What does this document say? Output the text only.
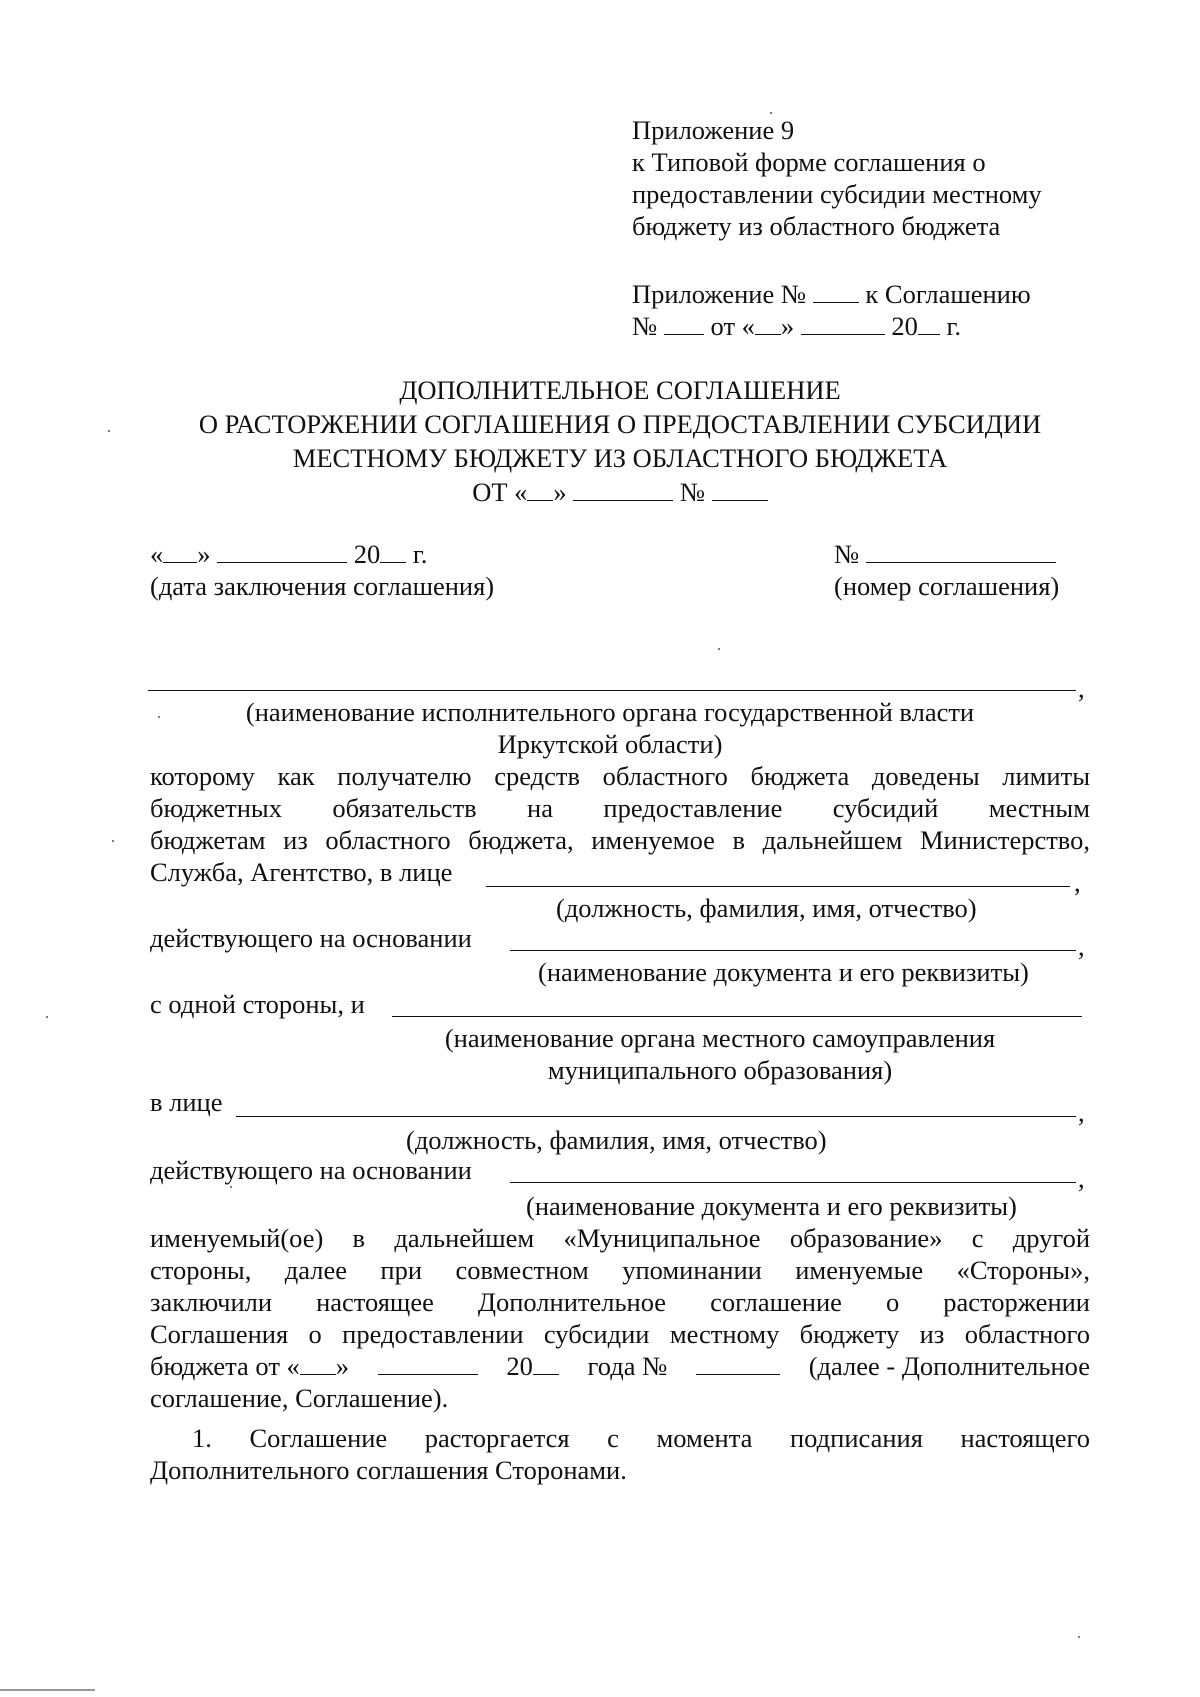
Приложение 9
к Типовой форме соглашения о
предоставлении субсидии местному
бюджету из областного бюджета
Приложение № к Соглашению
№ от « »	20 г.
ДОПОЛНИТЕЛЬНОЕ СОГЛАШЕНИЕ
О РАСТОРЖЕНИИ СОГЛАШЕНИЯ О ПРЕДОСТАВЛЕНИИ СУБСИДИИ
МЕСТНОМУ БЮДЖЕТУ ИЗ ОБЛАСТНОГО БЮДЖЕТА
ОТ « »	№
« »	20 г.
(дата заключения соглашения)
№
(номер соглашения)
,
(наименование исполнительного органа государственной власти
Иркутской области)
которому как получателю средств областного бюджета доведены лимиты
бюджетных обязательств на предоставление субсидий местным
бюджетам из областного бюджета, именуемое в дальнейшем Министерство,
Служба, Агентство, в лице	,
(должность, фамилия, имя, отчество)
действующего на основании	,
(наименование документа и его реквизиты)
с одной стороны, и
(наименование органа местного самоуправления
муниципального образования)
в лице	,
(должность, фамилия, имя, отчество)
действующего на основании	,
(наименование документа и его реквизиты)
именуемый(ое) в дальнейшем «Муниципальное образование» с другой
стороны, далее при совместном упоминании именуемые «Стороны»,
заключили настоящее Дополнительное соглашение о расторжении
Соглашения о предоставлении субсидии местному бюджету из областного
бюджета от « »	20	года №	(далее - Дополнительное
соглашение, Соглашение).
1. Соглашение расторгается с момента подписания настоящего
Дополнительного соглашения Сторонами.
